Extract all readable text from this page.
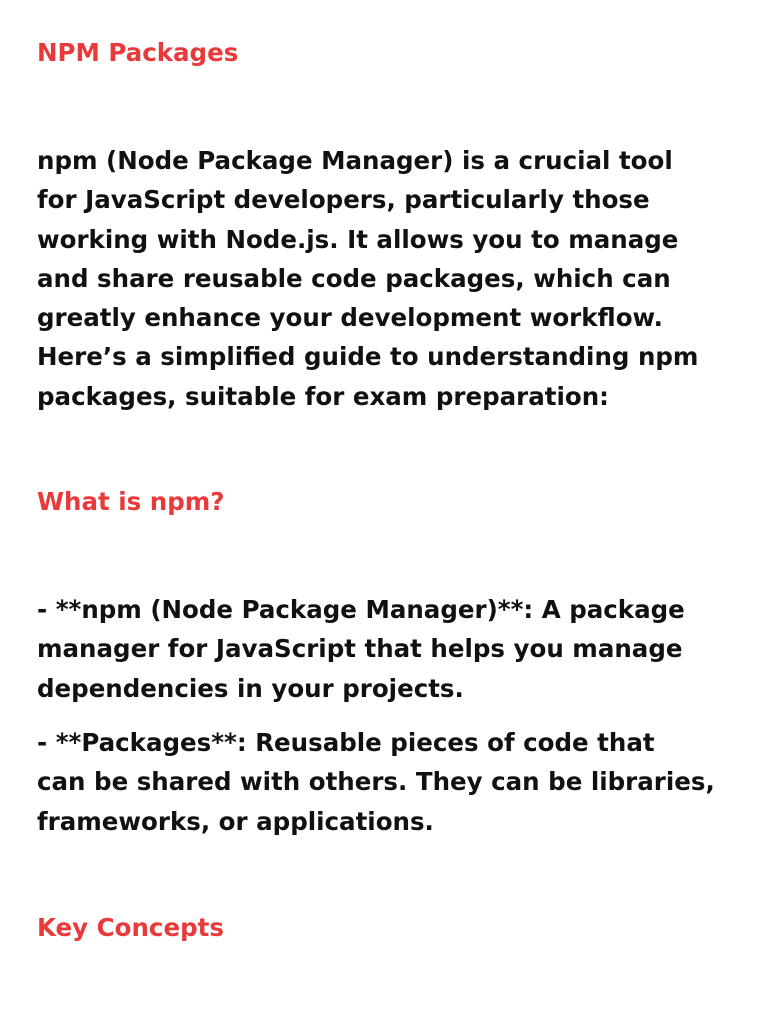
NPM Packages
npm (Node Package Manager) is a crucial tool
for JavaScript developers, particularly those
working with Node.js. It allows you to manage
and share reusable code packages, which can
greatly enhance your development workflow.
Here’s a simplified guide to understanding npm
packages, suitable for exam preparation:
What is npm?
- **npm (Node Package Manager)**: A package
manager for JavaScript that helps you manage
dependencies in your projects.
- **Packages**: Reusable pieces of code that
can be shared with others. They can be libraries,
frameworks, or applications.
Key Concepts
